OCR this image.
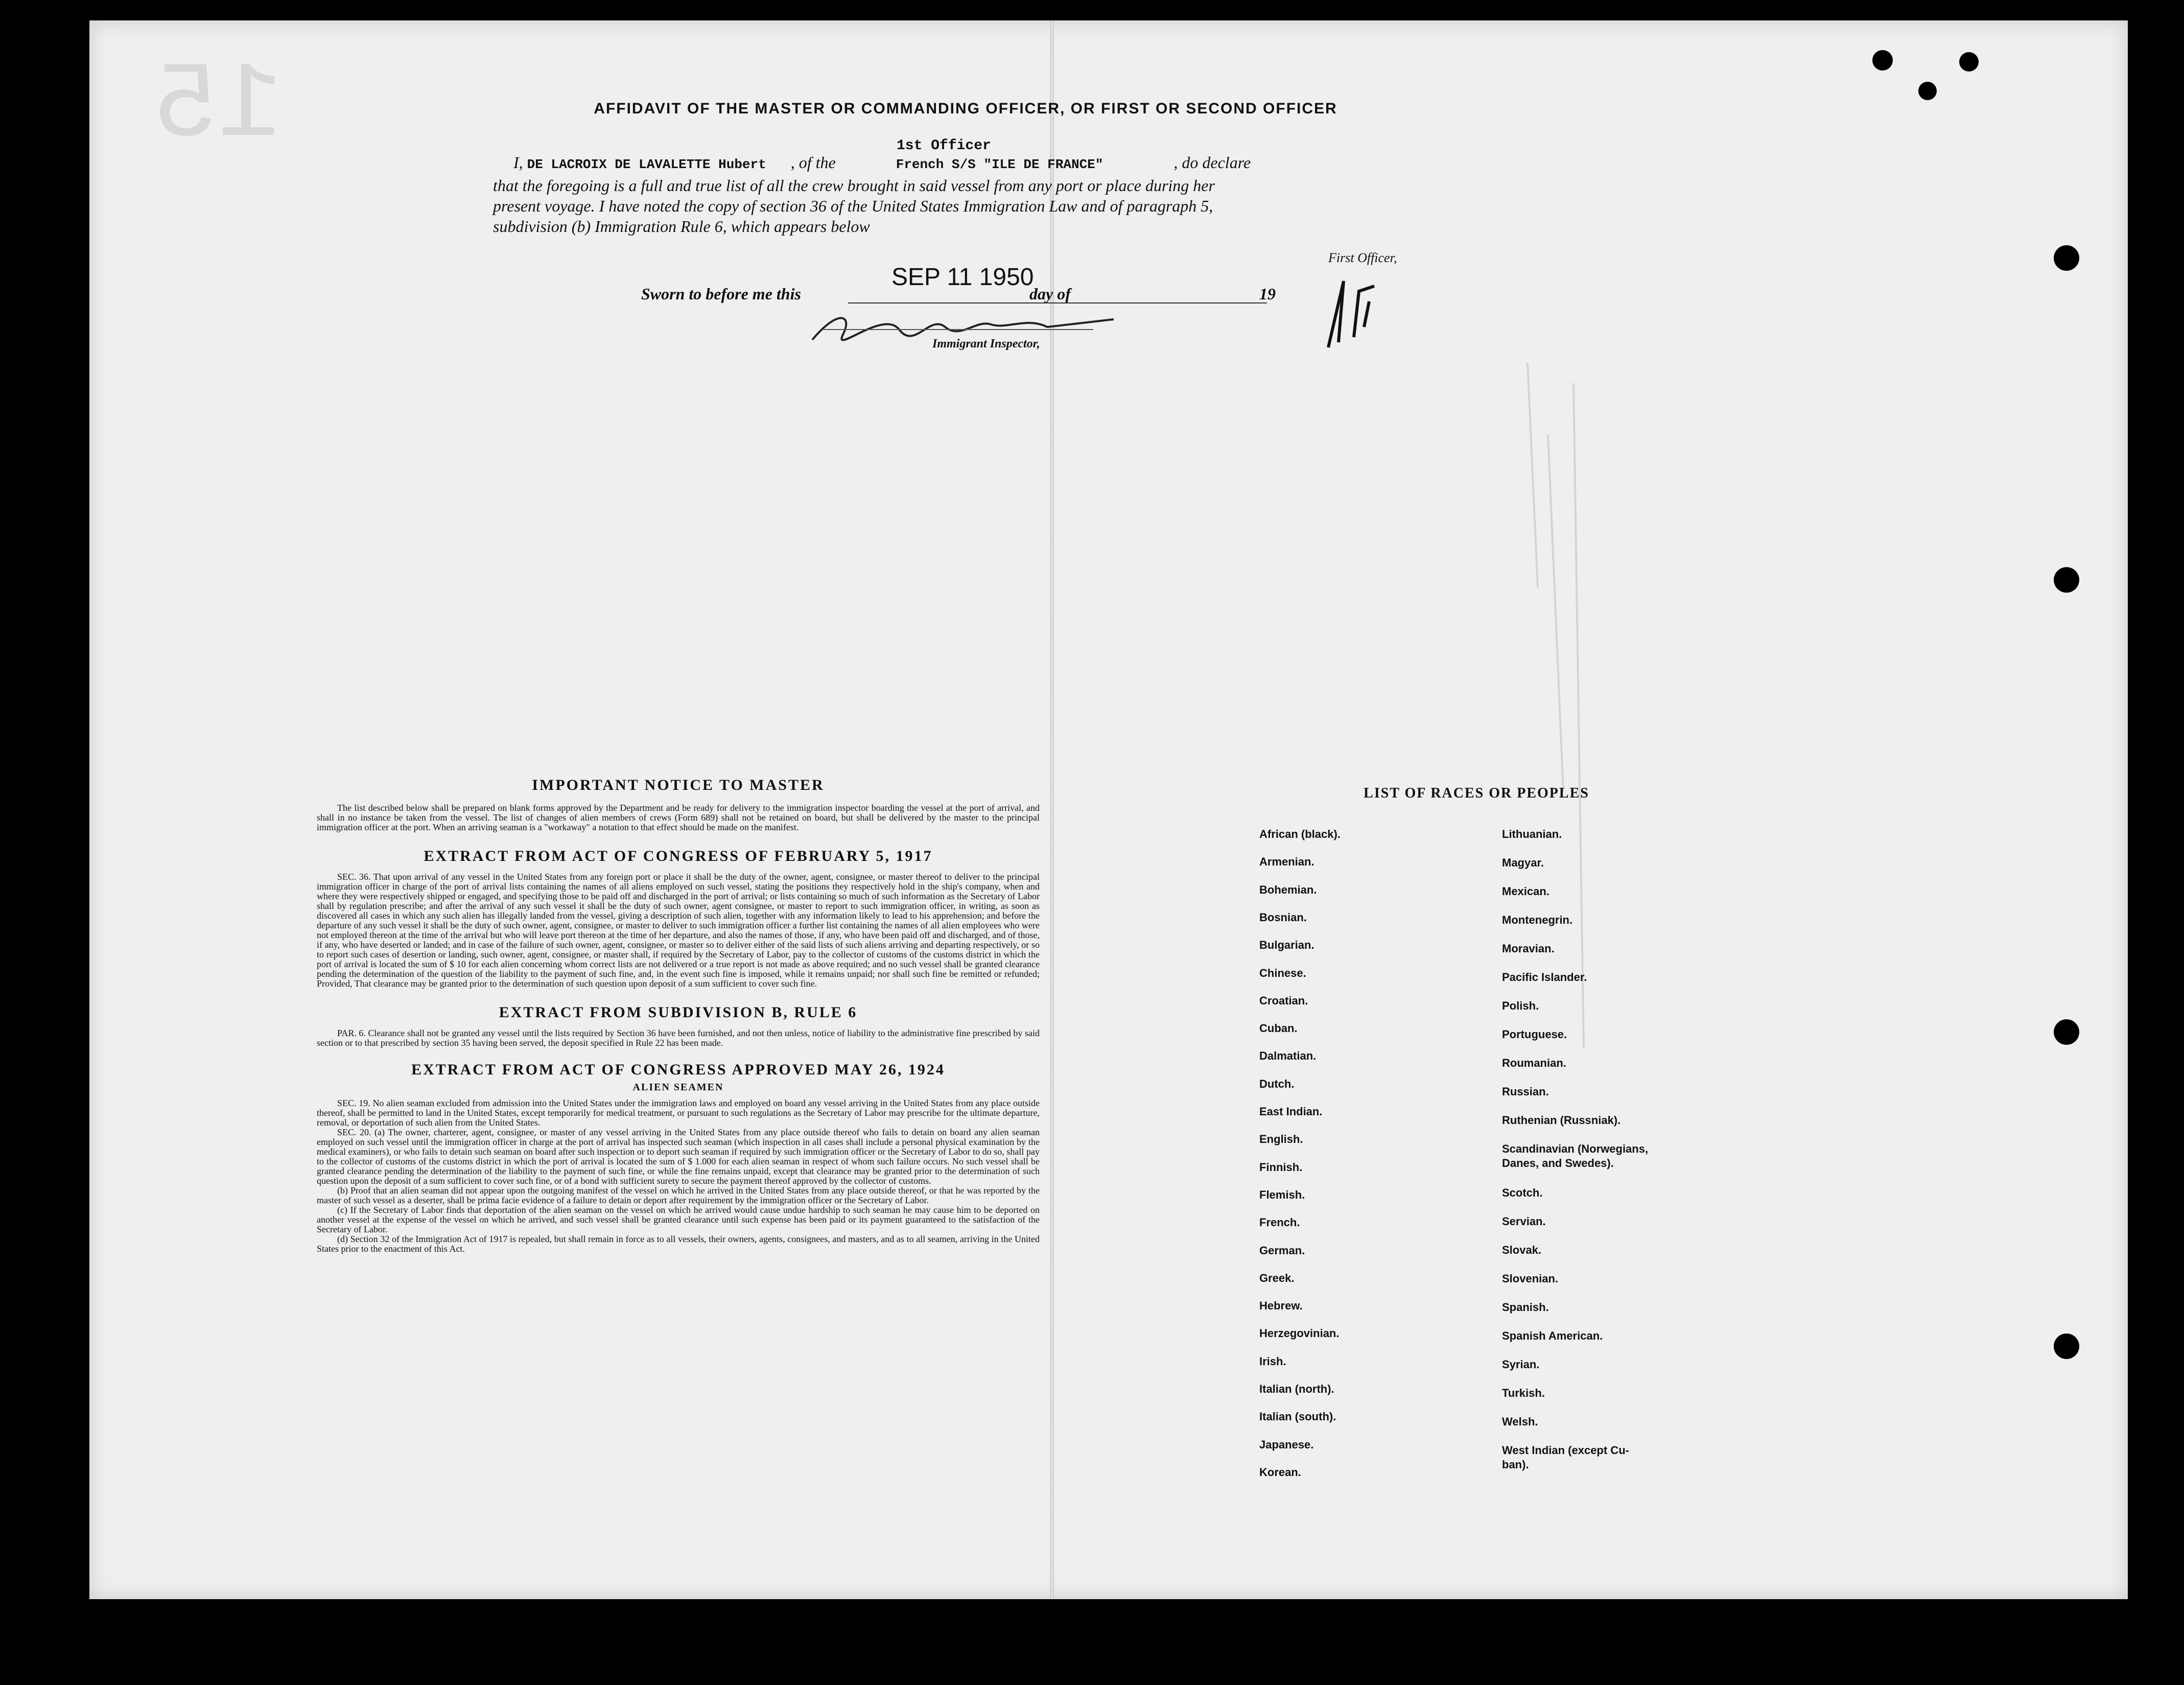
15	AFFIDAVIT OF THE MASTER OR COMMANDING OFFICER, OR FIRST OR SECOND OFFICER
1st Officer
I, DE LACROIX DE LAVALETTE Hubert , of the	French S/S "ILE DE FRANCE"	, do declare
that the foregoing is a full and true list of all the crew brought in said vessel from any port or place during her
present voyage. I have noted the copy of section 36 of the United States Immigration Law and of paragraph 5,
subdivision (b) Immigration Rule 6, which appears below
First Officer,
Sworn to before me this
SEP 11 1950
day of	19
Immigrant Inspector,
IMPORTANT NOTICE TO MASTER
The list described below shall be prepared on blank forms approved by the Department and be ready for delivery to the immigration inspector boarding the vessel at the port of arrival, and shall in no instance be taken from the vessel. The list of changes of alien members of crews (Form 689) shall not be retained on board, but shall be delivered by the master to the principal immigration officer at the port. When an arriving seaman is a "workaway" a notation to that effect should be made on the manifest.
EXTRACT FROM ACT OF CONGRESS OF FEBRUARY 5, 1917
SEC. 36. That upon arrival of any vessel in the United States from any foreign port or place it shall be the duty of the owner, agent, consignee, or master thereof to deliver to the principal immigration officer in charge of the port of arrival lists containing the names of all aliens employed on such vessel, stating the positions they respectively hold in the ship's company, when and where they were respectively shipped or engaged, and specifying those to be paid off and discharged in the port of arrival; or lists containing so much of such information as the Secretary of Labor shall by regulation prescribe; and after the arrival of any such vessel it shall be the duty of such owner, agent consignee, or master to report to such immigration officer, in writing, as soon as discovered all cases in which any such alien has illegally landed from the vessel, giving a description of such alien, together with any information likely to lead to his apprehension; and before the departure of any such vessel it shall be the duty of such owner, agent, consignee, or master to deliver to such immigration officer a further list containing the names of all alien employees who were not employed thereon at the time of the arrival but who will leave port thereon at the time of her departure, and also the names of those, if any, who have been paid off and discharged, and of those, if any, who have deserted or landed; and in case of the failure of such owner, agent, consignee, or master so to deliver either of the said lists of such aliens arriving and departing respectively, or so to report such cases of desertion or landing, such owner, agent, consignee, or master shall, if required by the Secretary of Labor, pay to the collector of customs of the customs district in which the port of arrival is located the sum of $ 10 for each alien concerning whom correct lists are not delivered or a true report is not made as above required; and no such vessel shall be granted clearance pending the determination of the question of the liability to the payment of such fine, and, in the event such fine is imposed, while it remains unpaid; nor shall such fine be remitted or refunded; Provided, That clearance may be granted prior to the determination of such question upon deposit of a sum sufficient to cover such fine.
EXTRACT FROM SUBDIVISION B, RULE 6
PAR. 6. Clearance shall not be granted any vessel until the lists required by Section 36 have been furnished, and not then unless, notice of liability to the administrative fine prescribed by said section or to that prescribed by section 35 having been served, the deposit specified in Rule 22 has been made.
EXTRACT FROM ACT OF CONGRESS APPROVED MAY 26, 1924
ALIEN SEAMEN
SEC. 19. No alien seaman excluded from admission into the United States under the immigration laws and employed on board any vessel arriving in the United States from any place outside thereof, shall be permitted to land in the United States, except temporarily for medical treatment, or pursuant to such regulations as the Secretary of Labor may prescribe for the ultimate departure, removal, or deportation of such alien from the United States.
SEC. 20. (a) The owner, charterer, agent, consignee, or master of any vessel arriving in the United States from any place outside thereof who fails to detain on board any alien seaman employed on such vessel until the immigration officer in charge at the port of arrival has inspected such seaman (which inspection in all cases shall include a personal physical examination by the medical examiners), or who fails to detain such seaman on board after such inspection or to deport such seaman if required by such immigration officer or the Secretary of Labor to do so, shall pay to the collector of customs of the customs district in which the port of arrival is located the sum of $ 1.000 for each alien seaman in respect of whom such failure occurs. No such vessel shall be granted clearance pending the determination of the liability to the payment of such fine, or while the fine remains unpaid, except that clearance may be granted prior to the determination of such question upon the deposit of a sum sufficient to cover such fine, or of a bond with sufficient surety to secure the payment thereof approved by the collector of customs.
(b) Proof that an alien seaman did not appear upon the outgoing manifest of the vessel on which he arrived in the United States from any place outside thereof, or that he was reported by the master of such vessel as a deserter, shall be prima facie evidence of a failure to detain or deport after requirement by the immigration officer or the Secretary of Labor.
(c) If the Secretary of Labor finds that deportation of the alien seaman on the vessel on which he arrived would cause undue hardship to such seaman he may cause him to be deported on another vessel at the expense of the vessel on which he arrived, and such vessel shall be granted clearance until such expense has been paid or its payment guaranteed to the satisfaction of the Secretary of Labor.
(d) Section 32 of the Immigration Act of 1917 is repealed, but shall remain in force as to all vessels, their owners, agents, consignees, and masters, and as to all seamen, arriving in the United States prior to the enactment of this Act.
LIST OF RACES OR PEOPLES
African (black).
Armenian.
Bohemian.
Bosnian.
Bulgarian.
Chinese.
Croatian.
Cuban.
Dalmatian.
Dutch.
East Indian.
English.
Finnish.
Flemish.
French.
German.
Greek.
Hebrew.
Herzegovinian.
Irish.
Italian (north).
Italian (south).
Japanese.
Korean.
Lithuanian.
Magyar.
Mexican.
Montenegrin.
Moravian.
Pacific Islander.
Polish.
Portuguese.
Roumanian.
Russian.
Ruthenian (Russniak).
Scandinavian (Norwegians,
Danes, and Swedes).
Scotch.
Servian.
Slovak.
Slovenian.
Spanish.
Spanish American.
Syrian.
Turkish.
Welsh.
West Indian (except Cu-
ban).
